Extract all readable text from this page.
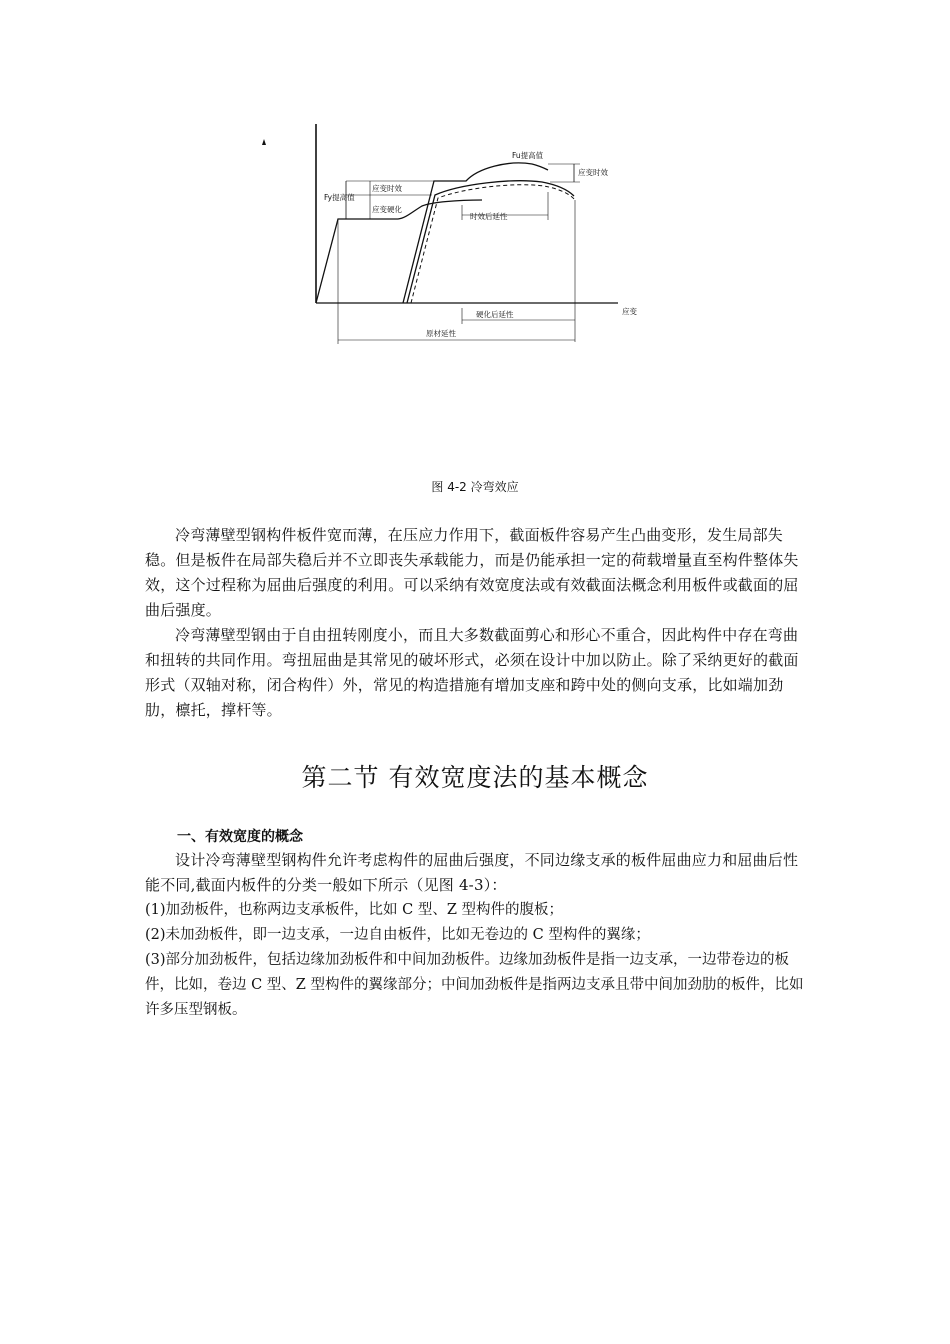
Fy提高值
应变时效
应变硬化
Fu提高值
应变时效
时效后延性
硬化后延性
原材延性
应变
图 4-2 冷弯效应

冷弯薄壁型钢构件板件宽而薄，在压应力作用下，截面板件容易产生凸曲变形，发生局部失稳。但是板件在局部失稳后并不立即丧失承载能力，而是仍能承担一定的荷载增量直至构件整体失效，这个过程称为屈曲后强度的利用。可以采纳有效宽度法或有效截面法概念利用板件或截面的屈曲后强度。

冷弯薄壁型钢由于自由扭转刚度小，而且大多数截面剪心和形心不重合，因此构件中存在弯曲和扭转的共同作用。弯扭屈曲是其常见的破坏形式，必须在设计中加以防止。除了采纳更好的截面形式（双轴对称，闭合构件）外，常见的构造措施有增加支座和跨中处的侧向支承，比如端加劲肋，檩托，撑杆等。

第二节 有效宽度法的基本概念
一、有效宽度的概念

设计冷弯薄壁型钢构件允许考虑构件的屈曲后强度，不同边缘支承的板件屈曲应力和屈曲后性能不同,截面内板件的分类一般如下所示（见图 4-3）：

(1)加劲板件，也称两边支承板件，比如 C 型、Z 型构件的腹板；

(2)未加劲板件，即一边支承，一边自由板件，比如无卷边的 C 型构件的翼缘；

(3)部分加劲板件，包括边缘加劲板件和中间加劲板件。边缘加劲板件是指一边支承，一边带卷边的板件，比如，卷边 C 型、Z 型构件的翼缘部分；中间加劲板件是指两边支承且带中间加劲肋的板件，比如许多压型钢板。
